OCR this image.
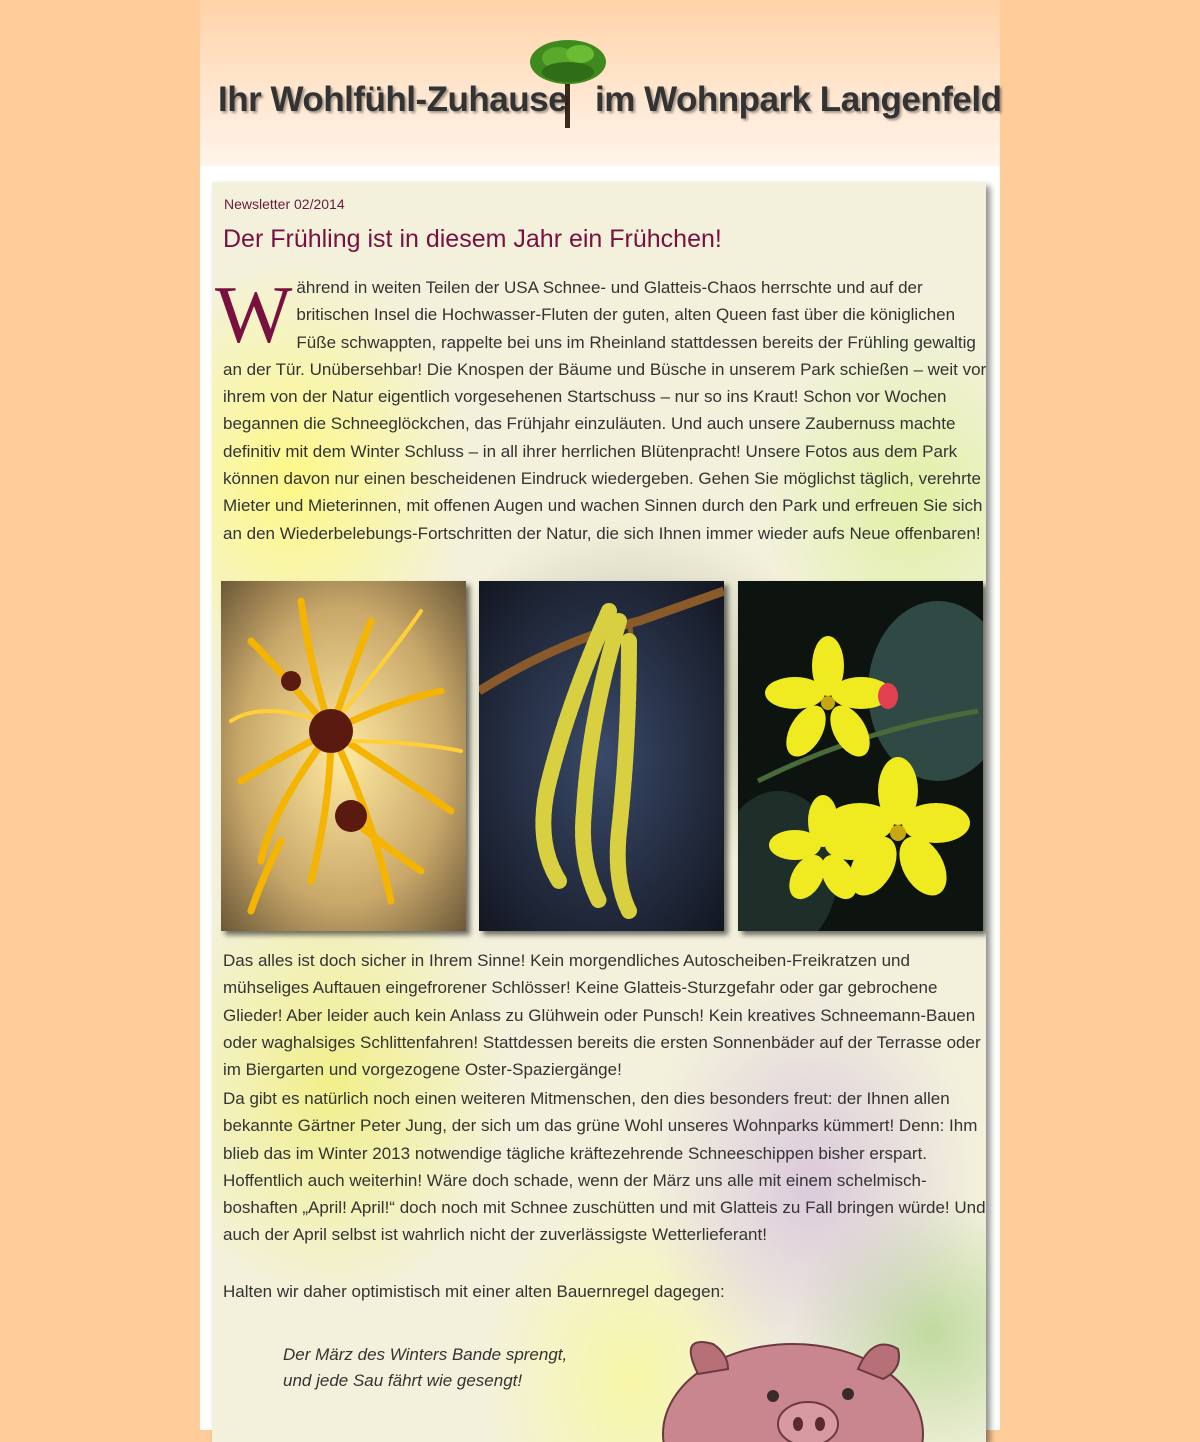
Ihr Wohlfühl-Zuhause im Wohnpark Langenfeld
Newsletter 02/2014
Der Frühling ist in diesem Jahr ein Frühchen!

Während in weiten Teilen der USA Schnee- und Glatteis-Chaos herrschte und auf der britischen Insel die Hochwasser-Fluten der guten, alten Queen fast über die königlichen Füße schwappten, rappelte bei uns im Rheinland stattdessen bereits der Frühling gewaltig an der Tür. Unübersehbar! Die Knospen der Bäume und Büsche in unserem Park schießen – weit vor ihrem von der Natur eigentlich vorgesehenen Startschuss – nur so ins Kraut! Schon vor Wochen begannen die Schneeglöckchen, das Frühjahr einzuläuten. Und auch unsere Zaubernuss machte definitiv mit dem Winter Schluss – in all ihrer herrlichen Blütenpracht! Unsere Fotos aus dem Park können davon nur einen bescheidenen Eindruck wiedergeben. Gehen Sie möglichst täglich, verehrte Mieter und Mieterinnen, mit offenen Augen und wachen Sinnen durch den Park und erfreuen Sie sich an den Wiederbelebungs-Fortschritten der Natur, die sich Ihnen immer wieder aufs Neue offenbaren!

Das alles ist doch sicher in Ihrem Sinne! Kein morgendliches Autoscheiben-Freikratzen und mühseliges Auftauen eingefrorener Schlösser! Keine Glatteis-Sturzgefahr oder gar gebrochene Glieder! Aber leider auch kein Anlass zu Glühwein oder Punsch! Kein kreatives Schneemann-Bauen oder waghalsiges Schlittenfahren! Stattdessen bereits die ersten Sonnenbäder auf der Terrasse oder im Biergarten und vorgezogene Oster-Spaziergänge!

Da gibt es natürlich noch einen weiteren Mitmenschen, den dies besonders freut: der Ihnen allen bekannte Gärtner Peter Jung, der sich um das grüne Wohl unseres Wohnparks kümmert! Denn: Ihm blieb das im Winter 2013 notwendige tägliche kräftezehrende Schneeschippen bisher erspart. Hoffentlich auch weiterhin! Wäre doch schade, wenn der März uns alle mit einem schelmisch-boshaften „April! April!“ doch noch mit Schnee zuschütten und mit Glatteis zu Fall bringen würde! Und auch der April selbst ist wahrlich nicht der zuverlässigste Wetterlieferant!

Halten wir daher optimistisch mit einer alten Bauernregel dagegen:

Der März des Winters Bande sprengt,
und jede Sau fährt wie gesengt!
